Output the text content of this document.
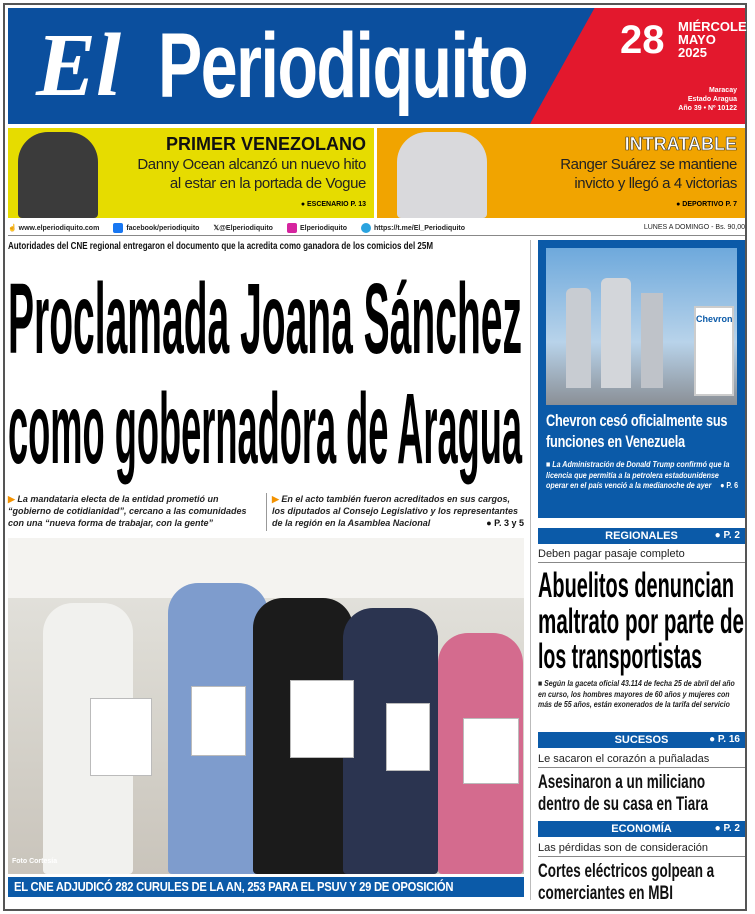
El Periodiquito 28 MIÉRCOLES
MAYO
2025
Maracay
Estado Aragua
Año 39 • Nº 10122
PRIMER VENEZOLANO

Danny Ocean alcanzó un nuevo hito

al estar en la portada de Vogue

● ESCENARIO P. 13
INTRATABLE

Ranger Suárez se mantiene

invicto y llegó a 4 victorias

● DEPORTIVO P. 7
☝ www.elperiodiquito.com	facebook/periodiquito 𝕏@Elperiodiquito	Elperiodiquito	https://t.me/El_Periodiquito	LUNES A DOMINGO - Bs. 90,00
Autoridades del CNE regional entregaron el documento que la acredita como ganadora de los comicios del 25M
Proclamada Joana Sánchez
como gobernadora de Aragua
▶ La mandataria electa de la entidad prometió un “gobierno de cotidianidad”, cercano a las comunidades con una “nueva forma de trabajar, con la gente”
▶ En el acto también fueron acreditados en sus cargos, los diputados al Consejo Legislativo y los representantes de la región en la Asamblea Nacional	● P. 3 y 5
Foto Cortesía
EL CNE ADJUDICÓ 282 CURULES DE LA AN, 253 PARA EL PSUV Y 29 DE OPOSICIÓN
Chevron
Chevron cesó oficialmente sus funciones en Venezuela

■ La Administración de Donald Trump confirmó que la licencia que permitía a la petrolera estadounidense operar en el país venció a la medianoche de ayer ● P. 6

REGIONALES	● P. 2
Deben pagar pasaje completo
Abuelitos denuncian
maltrato por parte de
los transportistas
■ Según la gaceta oficial 43.114 de fecha 25 de abril del año en curso, los hombres mayores de 60 años y mujeres con más de 55 años, están exonerados de la tarifa del servicio
SUCESOS	● P. 16
Le sacaron el corazón a puñaladas
Asesinaron a un miliciano dentro de su casa en Tiara
ECONOMÍA	● P. 2
Las pérdidas son de consideración
Cortes eléctricos golpean a comerciantes en MBI
